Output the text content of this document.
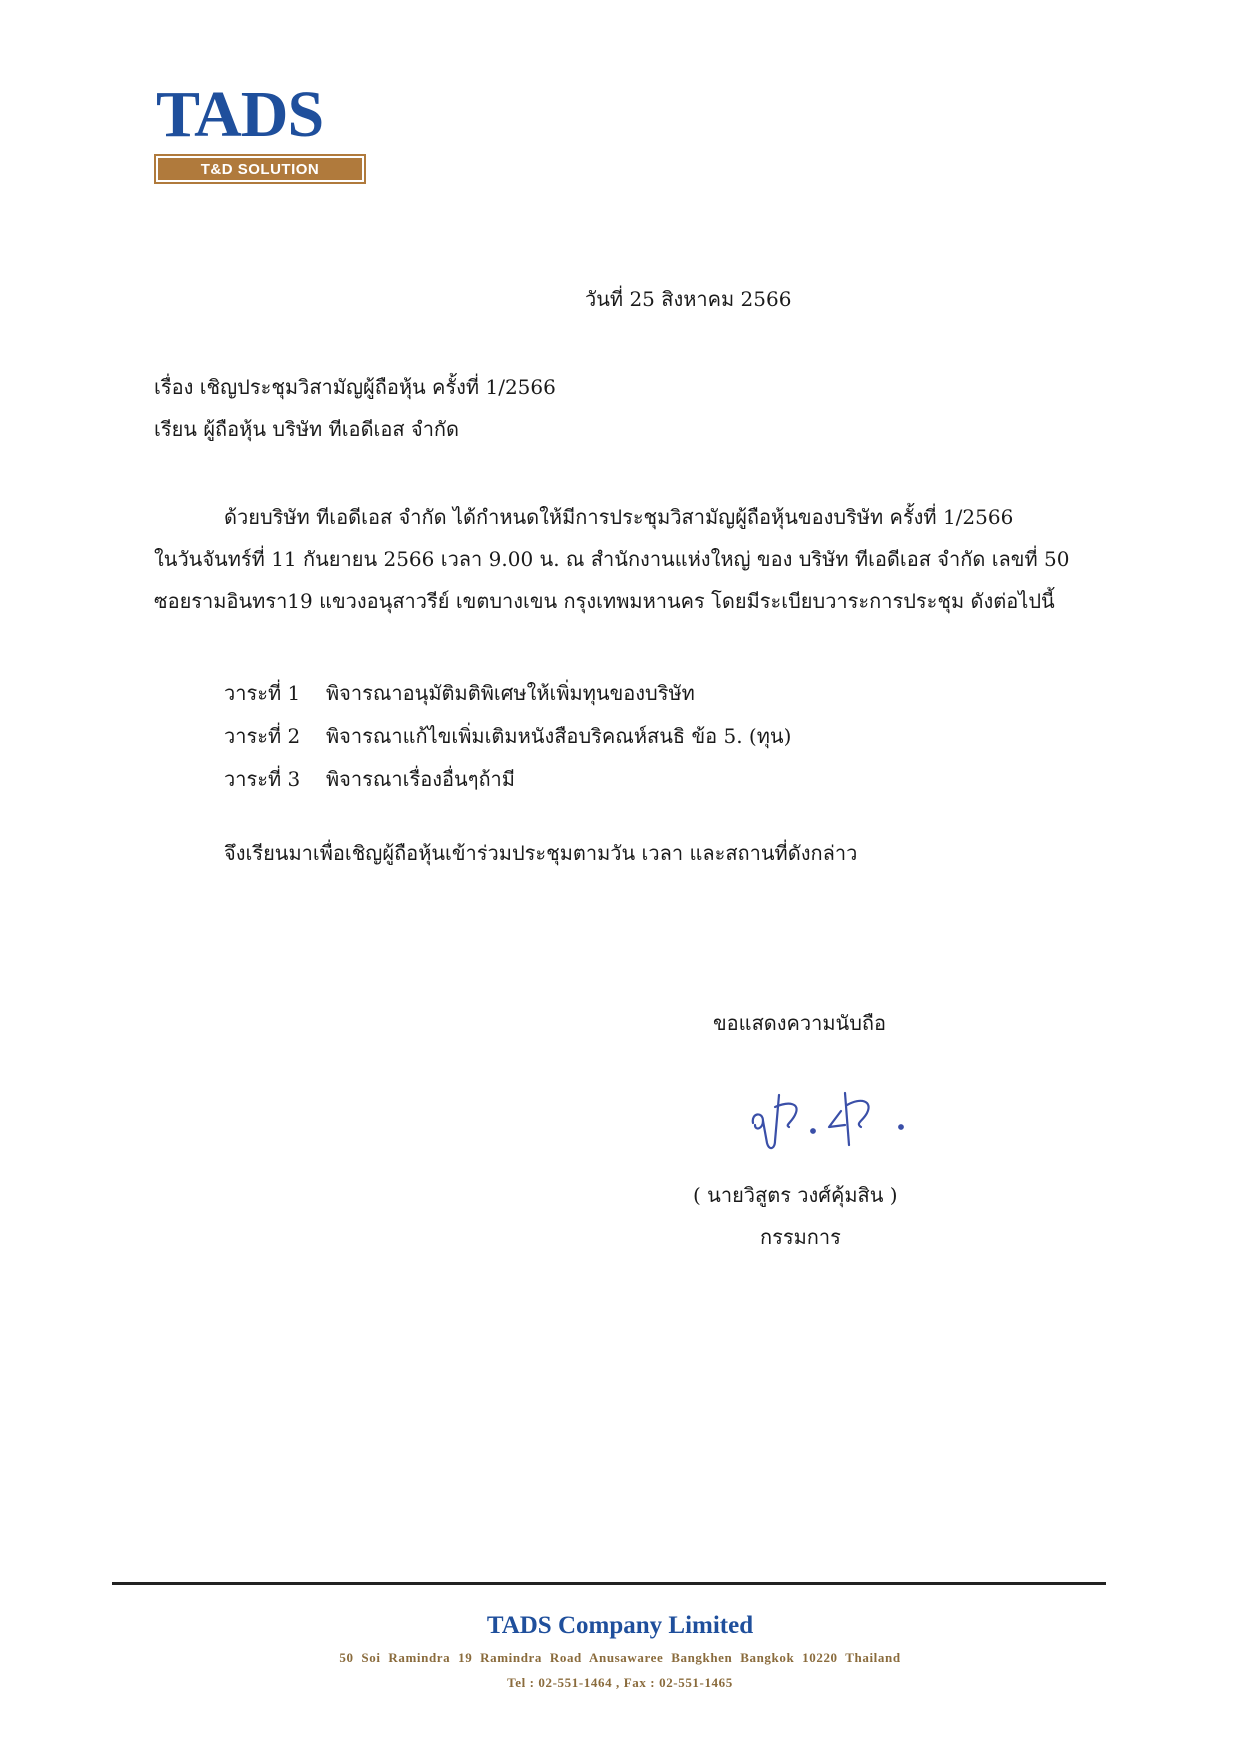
TADS
T&D SOLUTION
วันที่ 25 สิงหาคม 2566
เรื่อง เชิญประชุมวิสามัญผู้ถือหุ้น ครั้งที่ 1/2566
เรียน ผู้ถือหุ้น บริษัท ทีเอดีเอส จำกัด
ด้วยบริษัท ทีเอดีเอส จำกัด ได้กำหนดให้มีการประชุมวิสามัญผู้ถือหุ้นของบริษัท ครั้งที่ 1/2566
ในวันจันทร์ที่ 11 กันยายน 2566 เวลา 9.00 น. ณ สำนักงานแห่งใหญ่ ของ บริษัท ทีเอดีเอส จำกัด เลขที่ 50
ซอยรามอินทรา19 แขวงอนุสาวรีย์ เขตบางเขน กรุงเทพมหานคร โดยมีระเบียบวาระการประชุม ดังต่อไปนี้
วาระที่ 1 พิจารณาอนุมัติมติพิเศษให้เพิ่มทุนของบริษัท
วาระที่ 2 พิจารณาแก้ไขเพิ่มเติมหนังสือบริคณห์สนธิ ข้อ 5. (ทุน)
วาระที่ 3 พิจารณาเรื่องอื่นๆถ้ามี
จึงเรียนมาเพื่อเชิญผู้ถือหุ้นเข้าร่วมประชุมตามวัน เวลา และสถานที่ดังกล่าว
ขอแสดงความนับถือ
( นายวิสูตร วงศ์คุ้มสิน )
กรรมการ
TADS Company Limited
50 Soi Ramindra 19 Ramindra Road Anusawaree Bangkhen Bangkok 10220 Thailand
Tel : 02-551-1464 , Fax : 02-551-1465
